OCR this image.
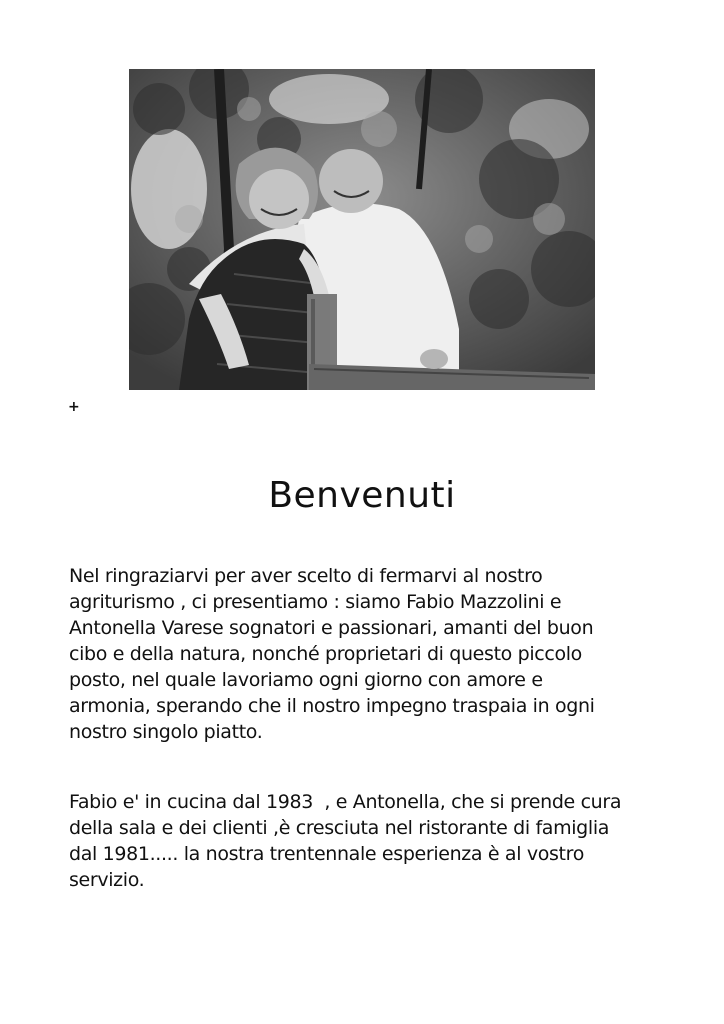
+
Benvenuti

Nel ringraziarvi per aver scelto di fermarvi al nostro
agriturismo , ci presentiamo : siamo Fabio Mazzolini e
Antonella Varese sognatori e passionari, amanti del buon
cibo e della natura, nonché proprietari di questo piccolo
posto, nel quale lavoriamo ogni giorno con amore e
armonia, sperando che il nostro impegno traspaia in ogni
nostro singolo piatto.

Fabio e' in cucina dal 1983  , e Antonella, che si prende cura
della sala e dei clienti ,è cresciuta nel ristorante di famiglia
dal 1981..... la nostra trentennale esperienza è al vostro
servizio.
